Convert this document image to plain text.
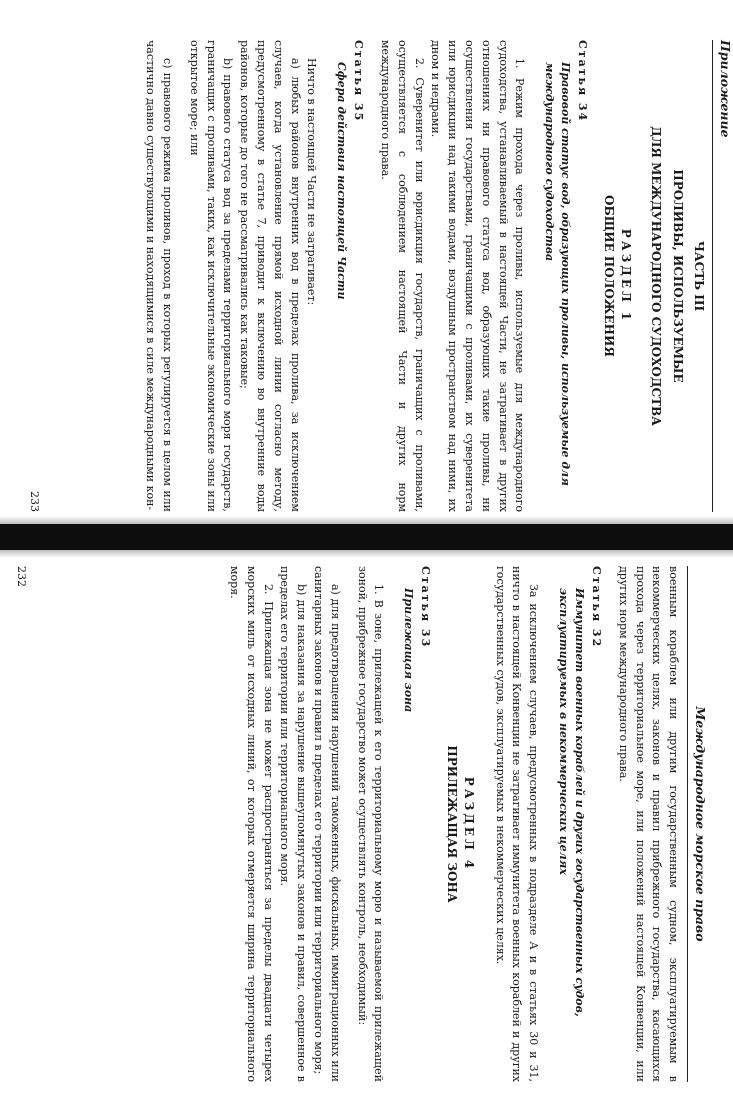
Приложение
ЧАСТЬ III
ПРОЛИВЫ, ИСПОЛЬЗУЕМЫЕ
ДЛЯ МЕЖДУНАРОДНОГО СУДОХОДСТВА
РАЗДЕЛ 1
ОБЩИЕ ПОЛОЖЕНИЯ
Статья 34
Правовой статус вод, образующих проливы, используемые для международного судоходства

1. Режим прохода через проливы, используемые для международного судоходства, устанавливаемый в настоящей Части, не затрагивает в других отношениях ни правового статуса вод, образующих такие проливы, ни осуществления государствами, граничащими с проливами, их суверенитета или юрисдикции над такими водами, воздушным пространством над ними, их дном и недрами.

2. Суверенитет или юрисдикция государств, граничащих с проливами, осуществляется с соблюдением настоящей Части и других норм международного права.

Статья 35
Сфера действия настоящей Части

Ничто в настоящей Части не затрагивает:

a) любых районов внутренних вод в пределах пролива, за исключением случаев, когда установление прямой исходной линии согласно методу, предусмотренному в статье 7, приводит к включению во внутренние воды районов, которые до того не рассматривались как таковые;

b) правового статуса вод за пределами территориального моря государств, граничащих с проливами, таких, как исключительные экономические зоны или открытое море; или

c) правового режима проливов, проход в которых регулируется в целом или частично давно существующими и находящимися в силе международными кон-

233
Международное морское право

военным кораблем или другим государственным судном, эксплуатируемым в некоммерческих целях, законов и правил прибрежного государства, касающихся прохода через территориальное море, или положений настоящей Конвенции, или других норм международного права.

Статья 32
Иммунитет военных кораблей и других государственных судов, эксплуатируемых в некоммерческих целях

За исключением случаев, предусмотренных в подразделе А и в статьях 30 и 31, ничто в настоящей Конвенции не затрагивает иммунитета военных кораблей и других государственных судов, эксплуатируемых в некоммерческих целях.

РАЗДЕЛ 4
ПРИЛЕЖАЩАЯ ЗОНА
Статья 33
Прилежащая зона

1. В зоне, прилежащей к его территориальному морю и называемой прилежащей зоной, прибрежное государство может осуществлять контроль, необходимый:

a) для предотвращения нарушений таможенных, фискальных, иммиграционных или санитарных законов и правил в пределах его территории или территориального моря;

b) для наказания за нарушение вышеупомянутых законов и правил, совершенное в пределах его территории или территориального моря.

2. Прилежащая зона не может распространяться за пределы двадцати четырех морских миль от исходных линий, от которых отмеряется ширина территориального моря.

232
